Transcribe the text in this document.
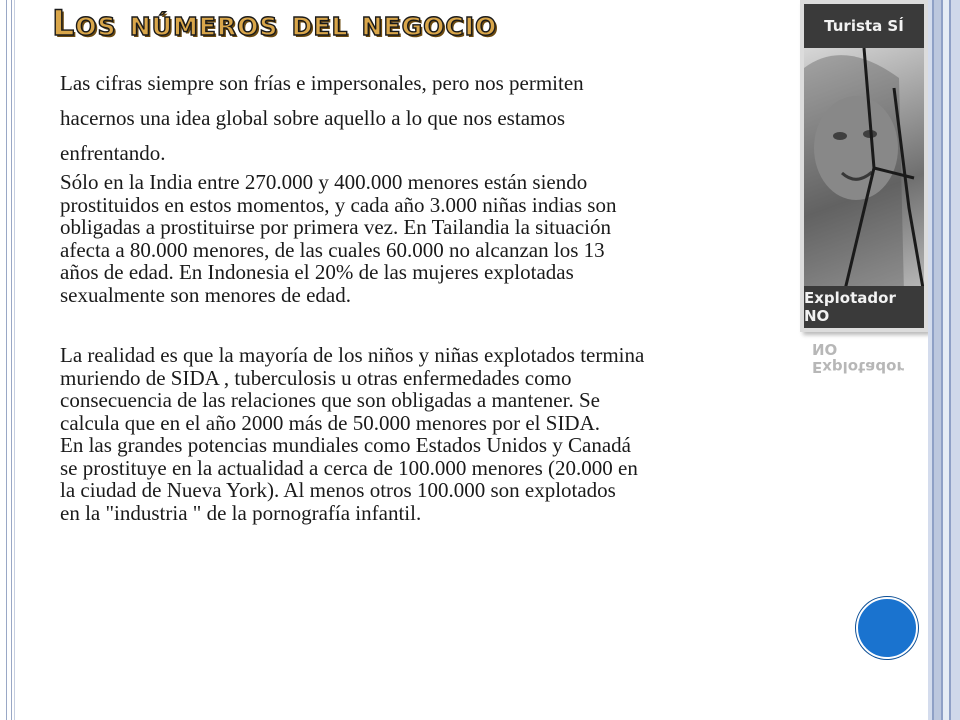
Los números del negocio

Las cifras siempre son frías e impersonales, pero nos permiten
hacernos una idea global sobre aquello a lo que nos estamos
enfrentando.

Sólo en la India entre 270.000 y 400.000 menores están siendo
prostituidos en estos momentos, y cada año 3.000 niñas indias son
obligadas a prostituirse por primera vez. En Tailandia la situación
afecta a 80.000 menores, de las cuales 60.000 no alcanzan los 13
años de edad. En Indonesia el 20% de las mujeres explotadas
sexualmente son menores de edad.

La realidad es que la mayoría de los niños y niñas explotados termina
muriendo de SIDA , tuberculosis u otras enfermedades como
consecuencia de las relaciones que son obligadas a mantener. Se
calcula que en el año 2000 más de 50.000 menores por el SIDA.
En las grandes potencias mundiales como Estados Unidos y Canadá
se prostituye en la actualidad a cerca de 100.000 menores (20.000 en
la ciudad de Nueva York). Al menos otros 100.000 son explotados
en la "industria " de la pornografía infantil.

Turista SÍ
Explotador NO
Explotador NO
